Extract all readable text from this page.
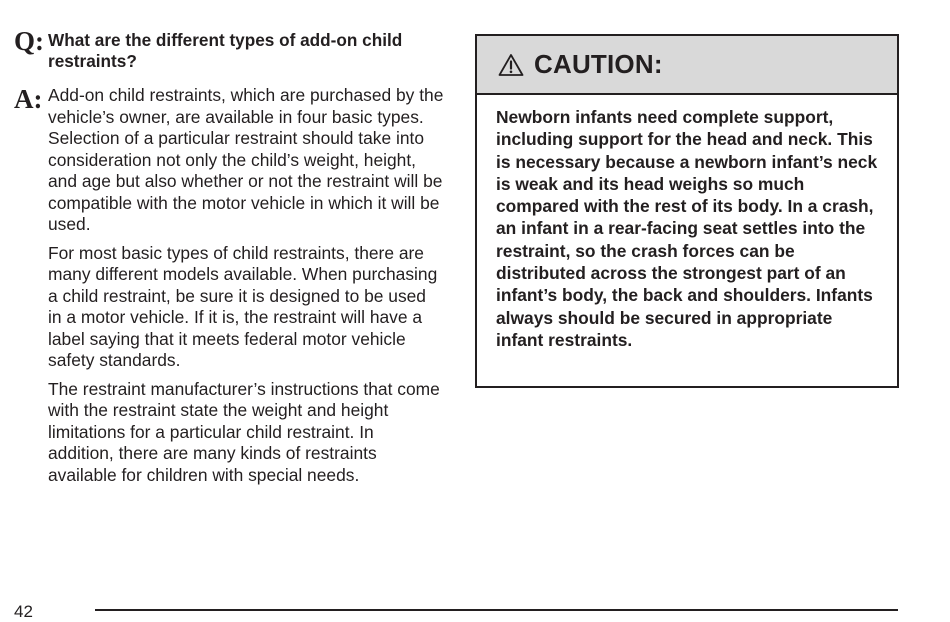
Q: What are the different types of add-on child restraints?
A: Add-on child restraints, which are purchased by the vehicle’s owner, are available in four basic types. Selection of a particular restraint should take into consideration not only the child’s weight, height, and age but also whether or not the restraint will be compatible with the motor vehicle in which it will be used.

For most basic types of child restraints, there are many different models available. When purchasing a child restraint, be sure it is designed to be used in a motor vehicle. If it is, the restraint will have a label saying that it meets federal motor vehicle safety standards.

The restraint manufacturer’s instructions that come with the restraint state the weight and height limitations for a particular child restraint. In addition, there are many kinds of restraints available for children with special needs.

CAUTION:
Newborn infants need complete support, including support for the head and neck. This is necessary because a newborn infant’s neck is weak and its head weighs so much compared with the rest of its body. In a crash, an infant in a rear-facing seat settles into the restraint, so the crash forces can be distributed across the strongest part of an infant’s body, the back and shoulders. Infants always should be secured in appropriate infant restraints.
42
